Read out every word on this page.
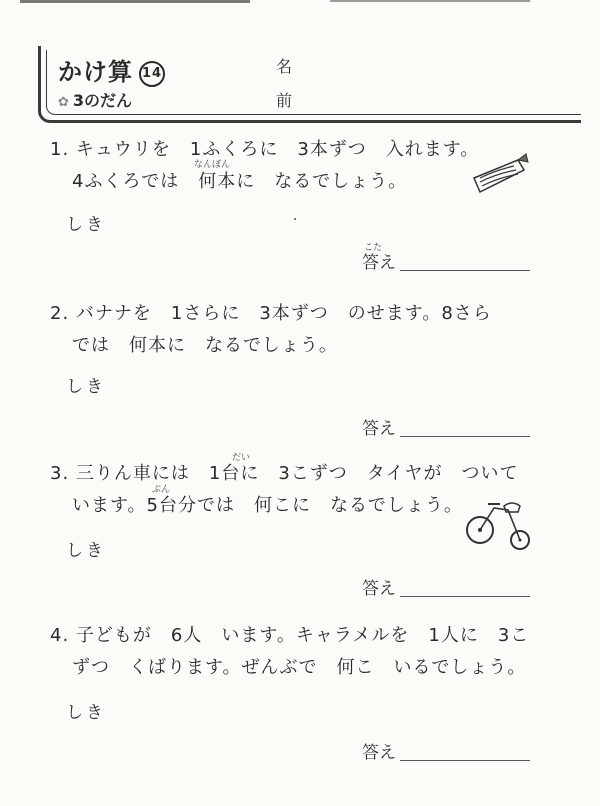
かけ算 14
✿ 3のだん
名
前
1. キュウリを　1ふくろに　3本ずつ　入れます。
4ふくろでは　何本に　なるでしょう。
なんぼん
しき
こた
答え
2. バナナを　1さらに　3本ずつ　のせます。8さら
では　何本に　なるでしょう。
しき
答え
3. 三りん車には　1台に　3こずつ　タイヤが　ついて
います。5台分では　何こに　なるでしょう。
だい
ぶん
しき
答え
4. 子どもが　6人　います。キャラメルを　1人に　3こ
ずつ　くばります。ぜんぶで　何こ　いるでしょう。
しき
答え
